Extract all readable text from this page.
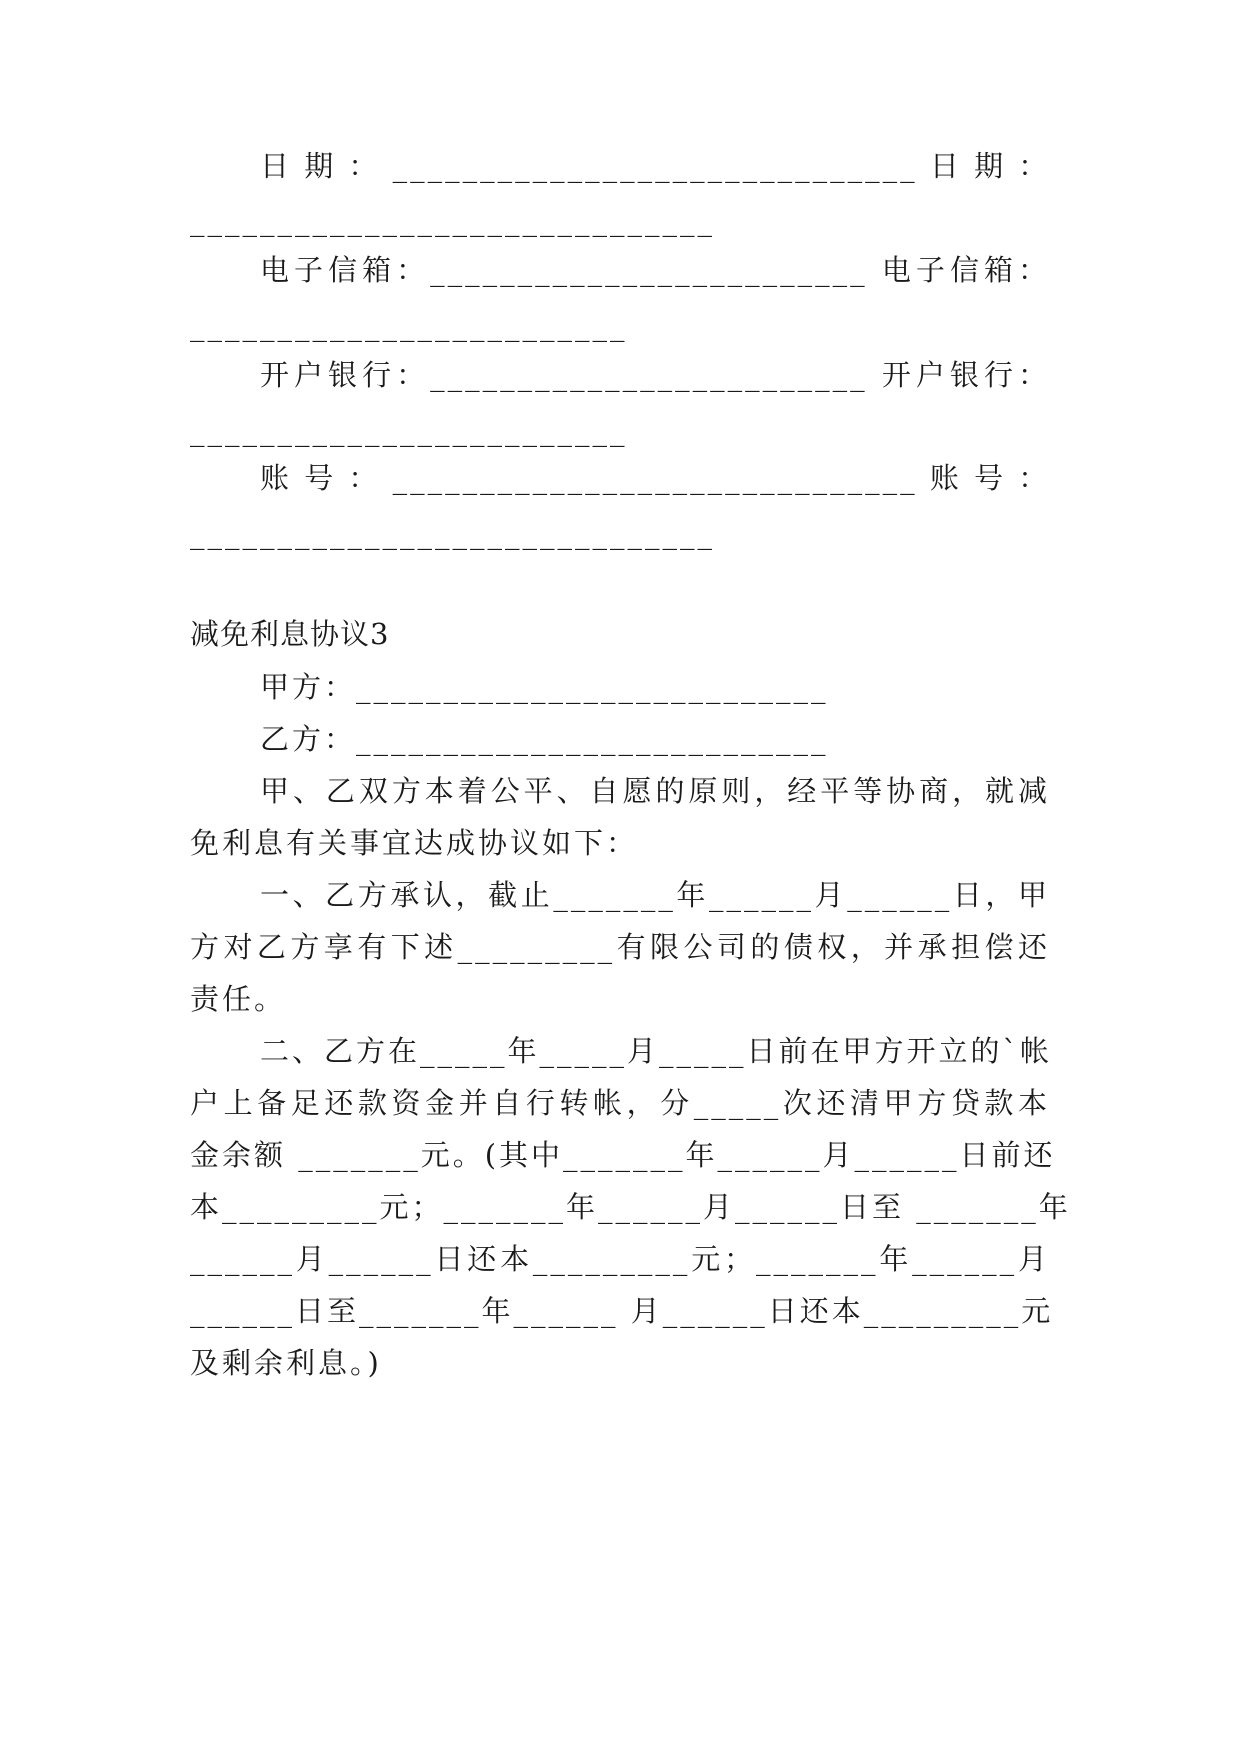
日 期 ： ______________________________ 日 期 ：
______________________________
电子信箱：_________________________ 电子信箱：
_________________________
开户银行：_________________________ 开户银行：
_________________________
账 号 ： ______________________________ 账 号 ：
______________________________
减免利息协议3
甲方：___________________________
乙方：___________________________
甲、乙双方本着公平、自愿的原则，经平等协商，就减
免利息有关事宜达成协议如下：
一、乙方承认，截止_______年______月______日，甲
方对乙方享有下述_________有限公司的债权，并承担偿还
责任。
二、乙方在_____年_____月_____日前在甲方开立的`帐
户上备足还款资金并自行转帐，分_____次还清甲方贷款本
金余额 _______元。(其中_______年______月______日前还
本_________元；_______年______月______日至 _______年
______月______日还本_________元；_______年______月
______日至_______年______ 月______日还本_________元
及剩余利息。)
